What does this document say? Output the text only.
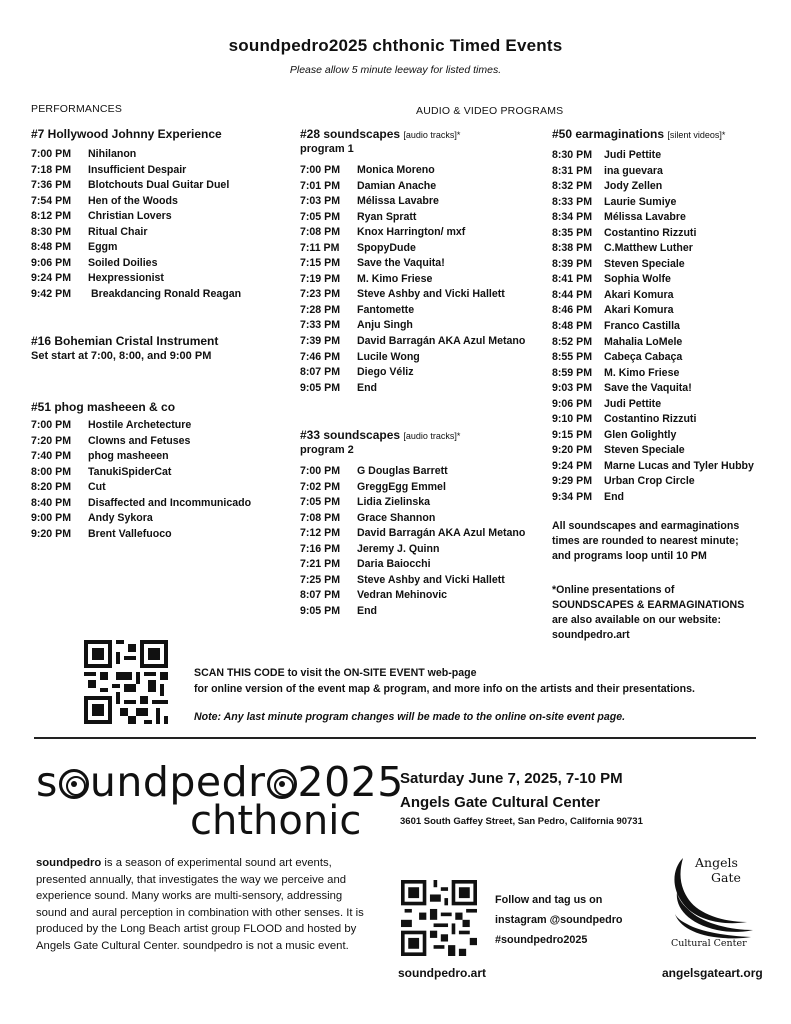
soundpedro2025 chthonic Timed Events
Please allow 5 minute leeway for listed times.
PERFORMANCES	AUDIO & VIDEO PROGRAMS
#7 Hollywood Johnny Experience
7:00 PM	Nihilanon
7:18 PM	Insufficient Despair
7:36 PM	Blotchouts Dual Guitar Duel
7:54 PM	Hen of the Woods
8:12 PM	Christian Lovers
8:30 PM	Ritual Chair
8:48 PM	Eggm
9:06 PM	Soiled Doilies
9:24 PM	Hexpressionist
9:42 PM	Breakdancing Ronald Reagan
#16 Bohemian Cristal Instrument
Set start at 7:00, 8:00, and 9:00 PM
#51 phog masheeen & co
7:00 PM	Hostile Archetecture
7:20 PM	Clowns and Fetuses
7:40 PM	phog masheeen
8:00 PM	TanukiSpiderCat
8:20 PM	Cut
8:40 PM	Disaffected and Incommunicado
9:00 PM	Andy Sykora
9:20 PM	Brent Vallefuoco
#28 soundscapes [audio tracks]*
program 1
7:00 PM	Monica Moreno
7:01 PM	Damian Anache
7:03 PM	Mélissa Lavabre
7:05 PM	Ryan Spratt
7:08 PM	Knox Harrington/ mxf
7:11 PM	SpopyDude
7:15 PM	Save the Vaquita!
7:19 PM	M. Kimo Friese
7:23 PM	Steve Ashby and Vicki Hallett
7:28 PM	Fantomette
7:33 PM	Anju Singh
7:39 PM	David Barragán AKA Azul Metano
7:46 PM	Lucile Wong
8:07 PM	Diego Véliz
9:05 PM	End
#33 soundscapes [audio tracks]*
program 2
7:00 PM	G Douglas Barrett
7:02 PM	GreggEgg Emmel
7:05 PM	Lidia Zielinska
7:08 PM	Grace Shannon
7:12 PM	David Barragán AKA Azul Metano
7:16 PM	Jeremy J. Quinn
7:21 PM	Daria Baiocchi
7:25 PM	Steve Ashby and Vicki Hallett
8:07 PM	Vedran Mehinovic
9:05 PM	End
#50 earmaginations [silent videos]*
8:30 PM	Judi Pettite
8:31 PM	ina guevara
8:32 PM	Jody Zellen
8:33 PM	Laurie Sumiye
8:34 PM	Mélissa Lavabre
8:35 PM	Costantino Rizzuti
8:38 PM	C.Matthew Luther
8:39 PM	Steven Speciale
8:41 PM	Sophia Wolfe
8:44 PM	Akari Komura
8:46 PM	Akari Komura
8:48 PM	Franco Castilla
8:52 PM	Mahalia LoMele
8:55 PM	Cabeça Cabaça
8:59 PM	M. Kimo Friese
9:03 PM	Save the Vaquita!
9:06 PM	Judi Pettite
9:10 PM	Costantino Rizzuti
9:15 PM	Glen Golightly
9:20 PM	Steven Speciale
9:24 PM	Marne Lucas and Tyler Hubby
9:29 PM	Urban Crop Circle
9:34 PM	End
All soundscapes and earmaginations
times are rounded to nearest minute;
and programs loop until 10 PM
*Online presentations of
SOUNDSCAPES & EARMAGINATIONS
are also available on our website:
soundpedro.art
SCAN THIS CODE to visit the ON-SITE EVENT web-page
for online version of the event map & program, and more info on the artists and their presentations.
Note: Any last minute program changes will be made to the online on-site event page.
s undpedr 2025
chthonic
Saturday June 7, 2025, 7-10 PM
Angels Gate Cultural Center
3601 South Gaffey Street, San Pedro, California 90731
soundpedro is a season of experimental sound art events, presented annually, that investigates the way we perceive and experience sound. Many works are multi-sensory, addressing sound and aural perception in combination with other senses. It is produced by the Long Beach artist group FLOOD and hosted by Angels Gate Cultural Center. soundpedro is not a music event.
Follow and tag us on
instagram @soundpedro
#soundpedro2025
soundpedro.art
Angels
Gate
Cultural Center
angelsgateart.org
